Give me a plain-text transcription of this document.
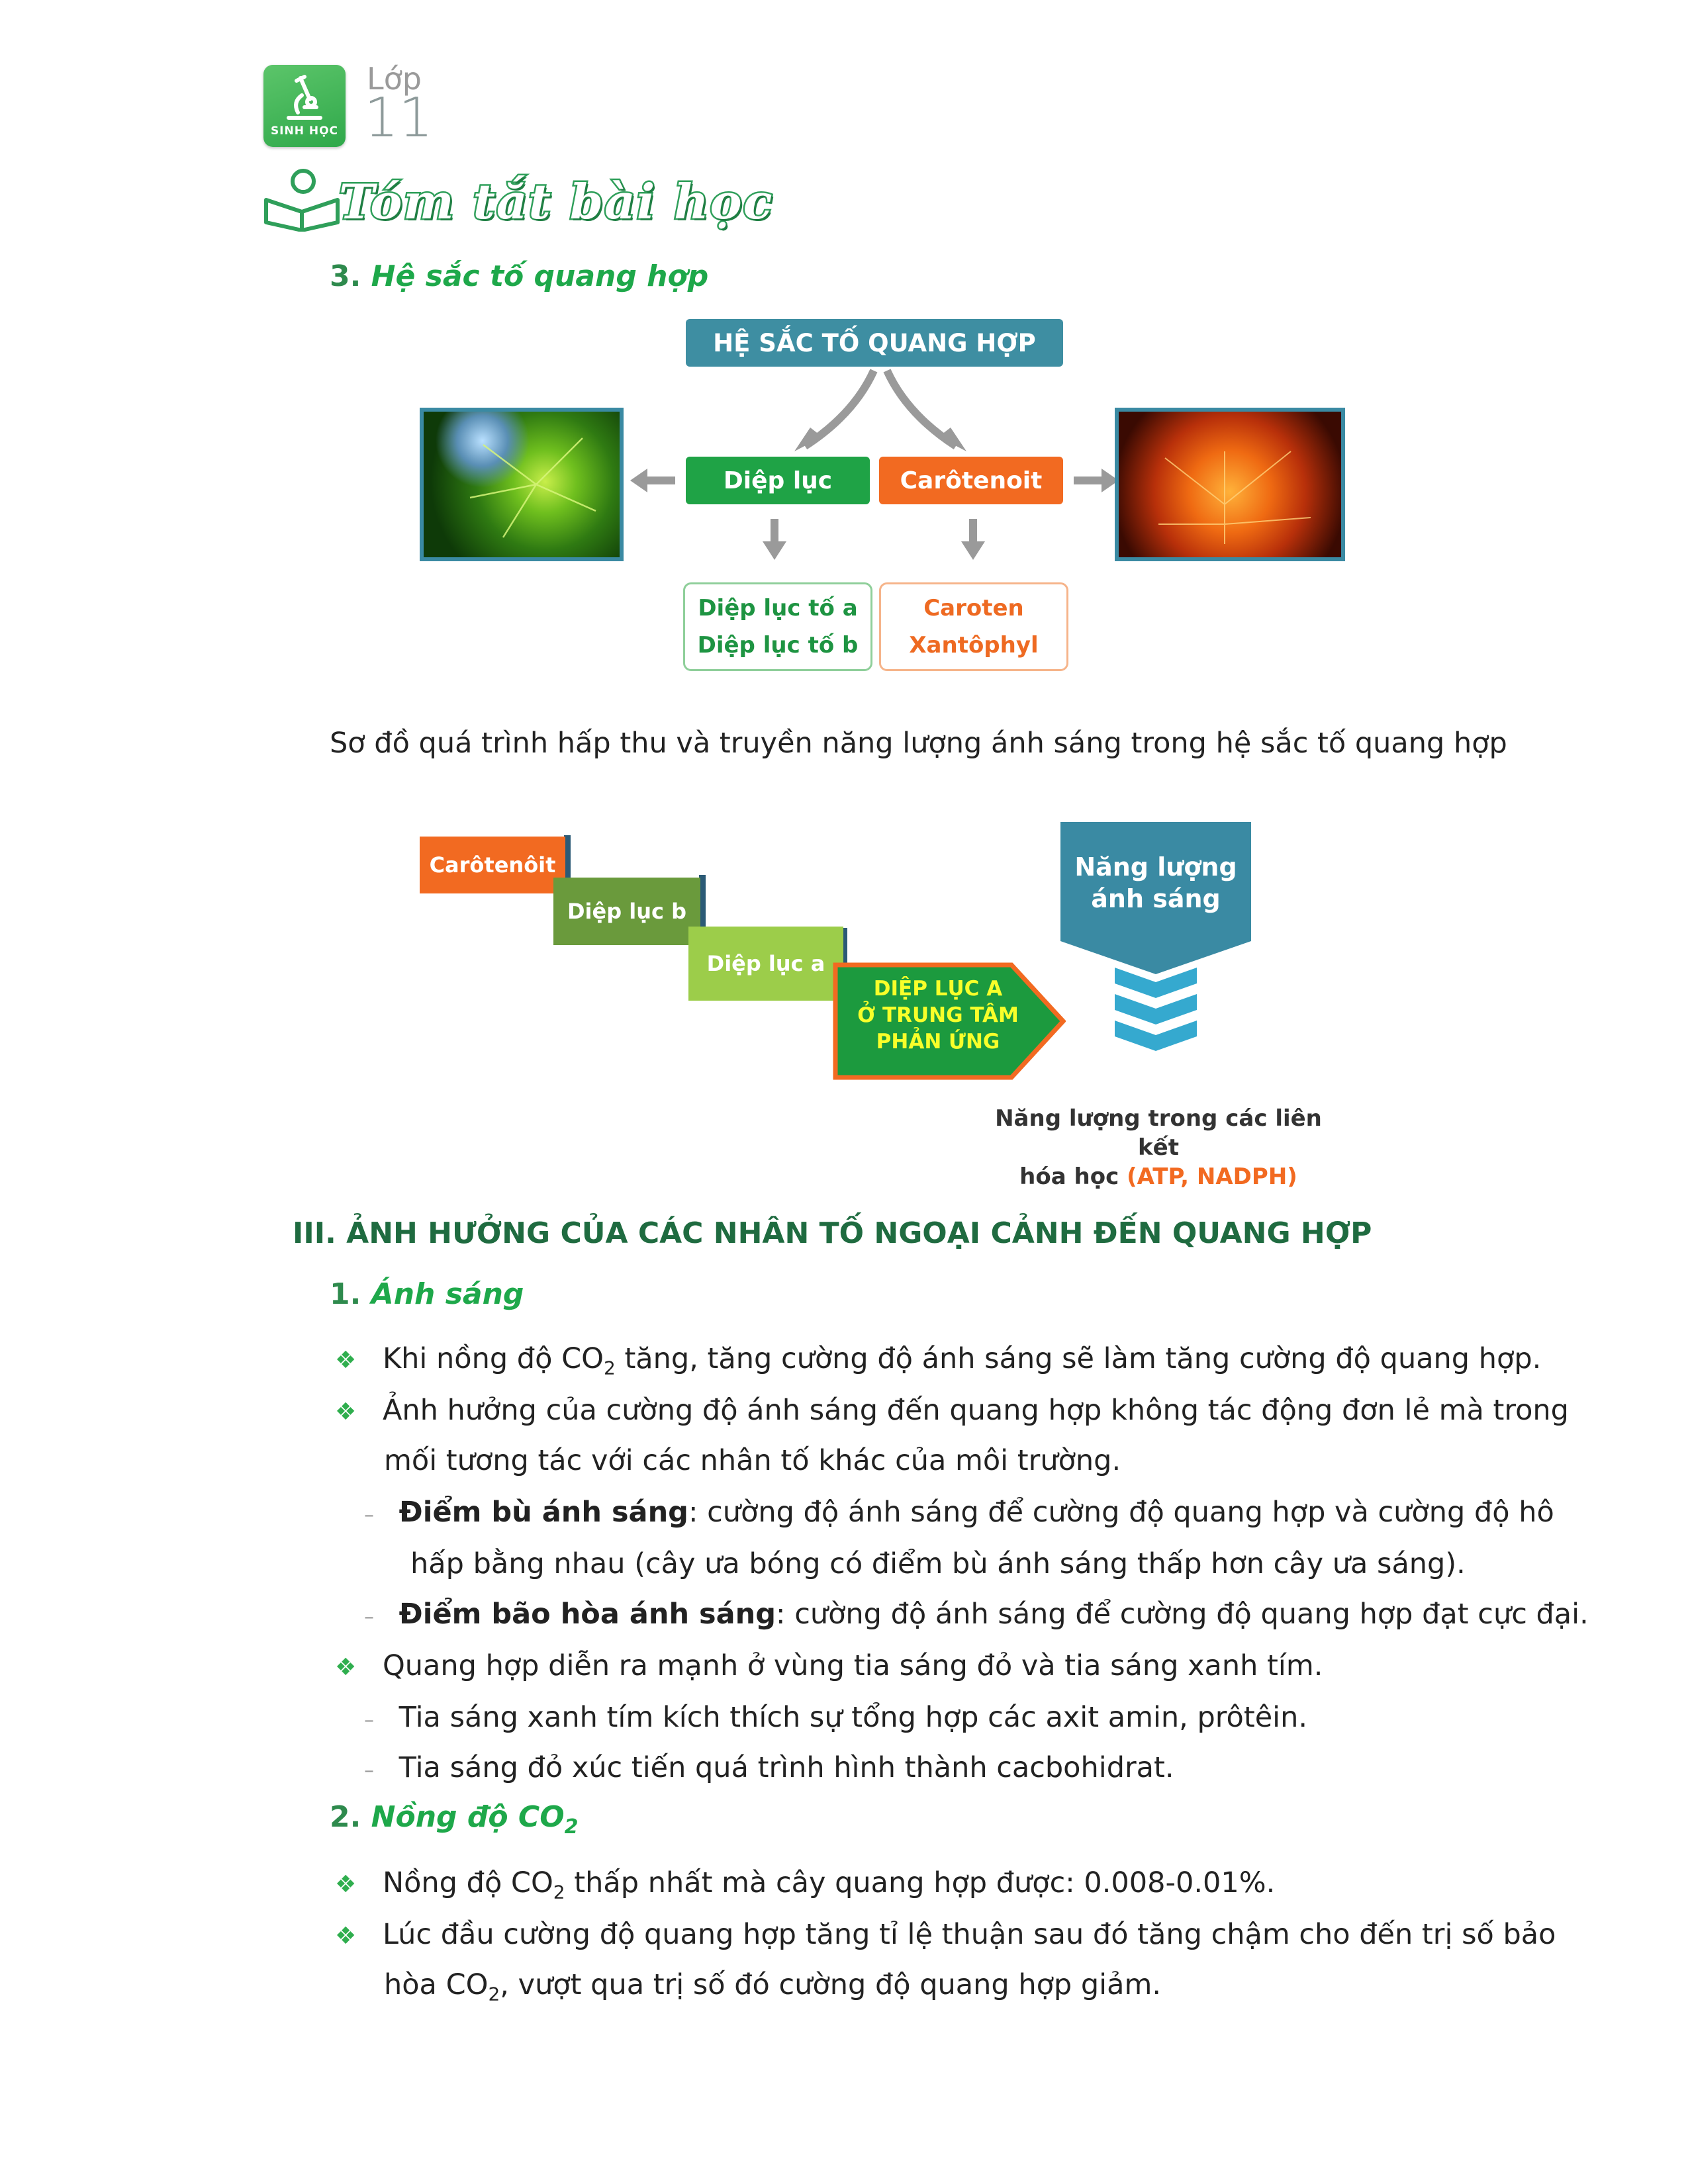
SINH HỌC
Lớp
11
Tóm tắt bài học
3. Hệ sắc tố quang hợp
HỆ SẮC TỐ QUANG HỢP
Diệp lục	Carôtenoit
Diệp lục tố a
Diệp lục tố b
Caroten
Xantôphyl
Sơ đồ quá trình hấp thu và truyền năng lượng ánh sáng trong hệ sắc tố quang hợp
Carôtenôit
Diệp lục b
Diệp lục a
DIỆP LỤC A
Ở TRUNG TÂM
PHẢN ỨNG
Năng lượng
ánh sáng
Năng lượng trong các liên kết
hóa học (ATP, NADPH)
III. ẢNH HƯỞNG CỦA CÁC NHÂN TỐ NGOẠI CẢNH ĐẾN QUANG HỢP
1. Ánh sáng
❖ Khi nồng độ $CO_2$ tăng, tăng cường độ ánh sáng sẽ làm tăng cường độ quang hợp.
❖ Ảnh hưởng của cường độ ánh sáng đến quang hợp không tác động đơn lẻ mà trong
mối tương tác với các nhân tố khác của môi trường.
– Điểm bù ánh sáng: cường độ ánh sáng để cường độ quang hợp và cường độ hô
hấp bằng nhau (cây ưa bóng có điểm bù ánh sáng thấp hơn cây ưa sáng).
– Điểm bão hòa ánh sáng: cường độ ánh sáng để cường độ quang hợp đạt cực đại.
❖ Quang hợp diễn ra mạnh ở vùng tia sáng đỏ và tia sáng xanh tím.
– Tia sáng xanh tím kích thích sự tổng hợp các axit amin, prôtêin.
– Tia sáng đỏ xúc tiến quá trình hình thành cacbohidrat.
2. Nồng độ $CO_2$
❖ Nồng độ $CO_2$ thấp nhất mà cây quang hợp được: 0.008-0.01%.
❖ Lúc đầu cường độ quang hợp tăng tỉ lệ thuận sau đó tăng chậm cho đến trị số bảo
hòa $CO_2$, vượt qua trị số đó cường độ quang hợp giảm.
